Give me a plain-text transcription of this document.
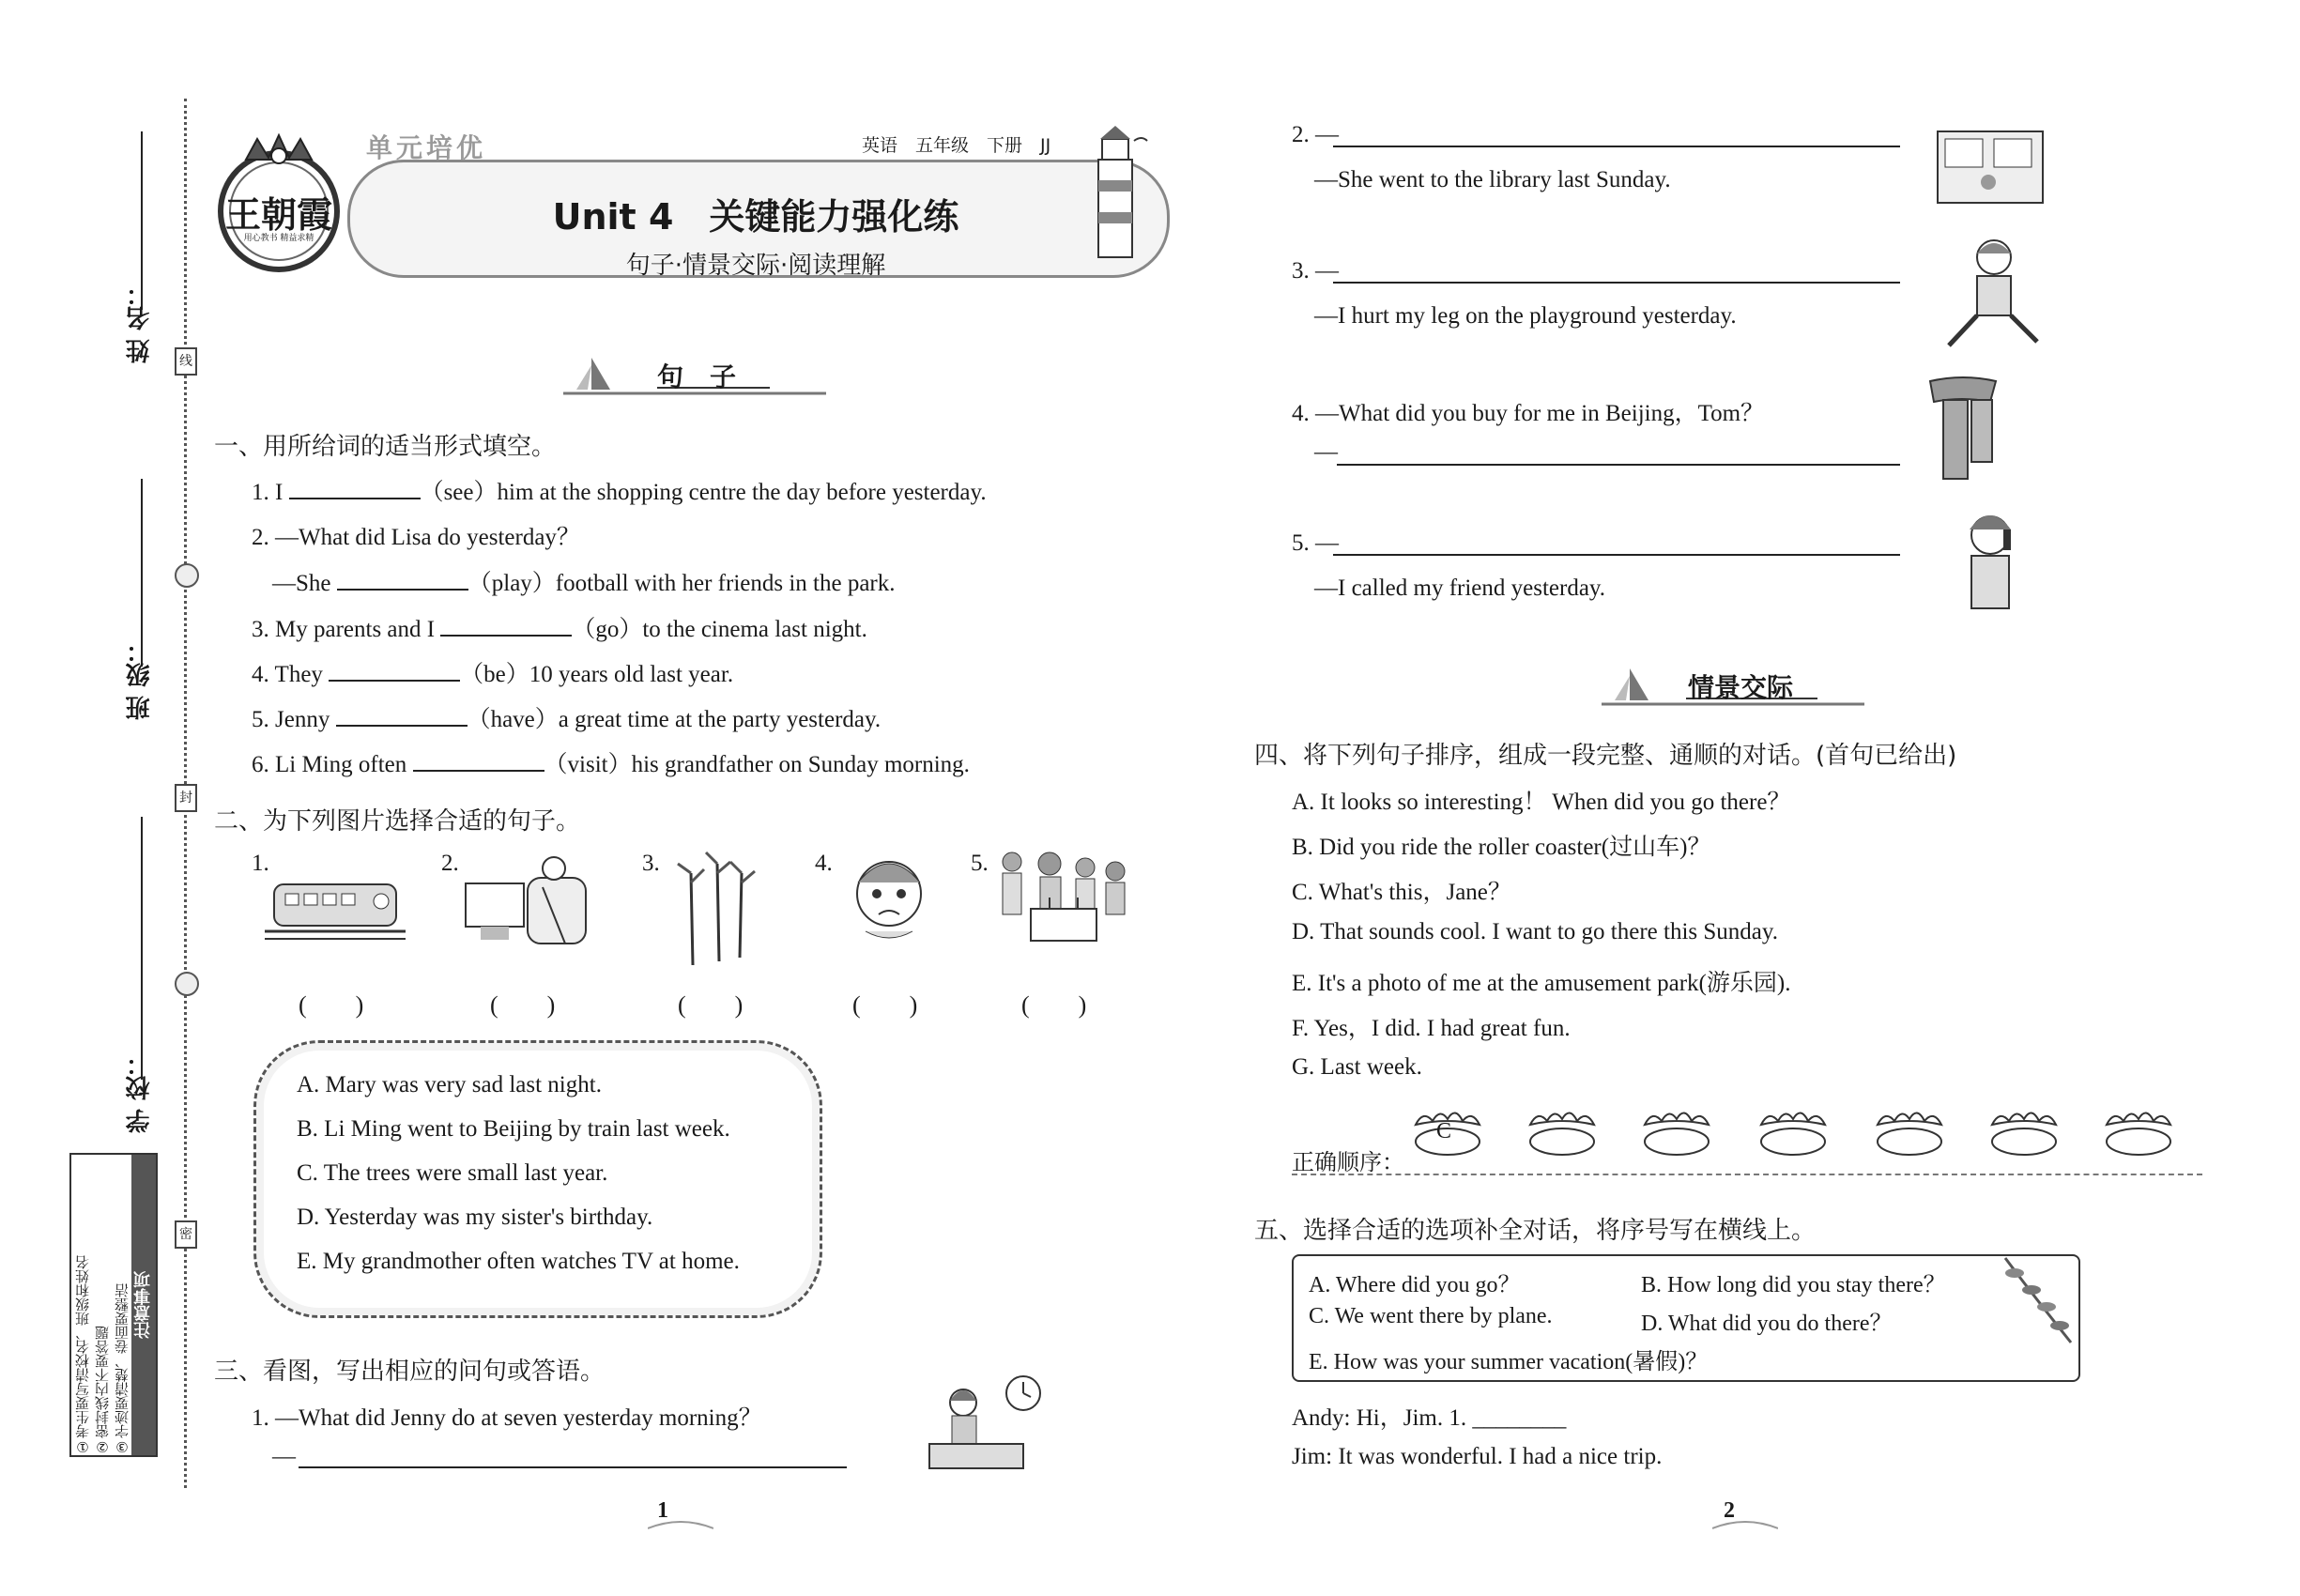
线
封
密
姓 名：
班 级：
学 校：
注意事项
①考生要写清校名、班级和姓名 ②密封线内不要答题 ③字迹要清楚、卷面要整洁
王朝霞
用心教书 精益求精
单元培优	英语　五年级　下册　JJ
Unit 4　关键能力强化练
句子·情景交际·阅读理解
句　子
一、用所给词的适当形式填空。
1. I	（see）him at the shopping centre the day before yesterday.
2. —What did Lisa do yesterday？
—She	（play）football with her friends in the park.
3. My parents and I	（go）to the cinema last night.
4. They	（be）10 years old last year.
5. Jenny	（have）a great time at the party yesterday.
6. Li Ming often	（visit）his grandfather on Sunday morning.
二、为下列图片选择合适的句子。
1.	2.	3.	4.	5.
(　　)	(　　)	(　　)	(　　)	(　　)
A. Mary was very sad last night.
B. Li Ming went to Beijing by train last week.
C. The trees were small last year.
D. Yesterday was my sister's birthday.
E. My grandmother often watches TV at home.
三、看图，写出相应的问句或答语。
1. —What did Jenny do at seven yesterday morning？
—
1
2. —
—She went to the library last Sunday.
3. —
—I hurt my leg on the playground yesterday.
4. —What did you buy for me in Beijing，Tom？
—
5. —
—I called my friend yesterday.
情景交际
四、将下列句子排序，组成一段完整、通顺的对话。(首句已给出)
A. It looks so interesting！ When did you go there？
B. Did you ride the roller coaster(过山车)？
C. What's this，Jane？
D. That sounds cool. I want to go there this Sunday.
E. It's a photo of me at the amusement park(游乐园).
F. Yes，I did. I had great fun.
G. Last week.
正确顺序：
C
五、选择合适的选项补全对话，将序号写在横线上。
A. Where did you go？	B. How long did you stay there？
C. We went there by plane.	D. What did you do there？
E. How was your summer vacation(暑假)？
Andy: Hi，Jim. 1. ________
Jim: It was wonderful. I had a nice trip.
2
